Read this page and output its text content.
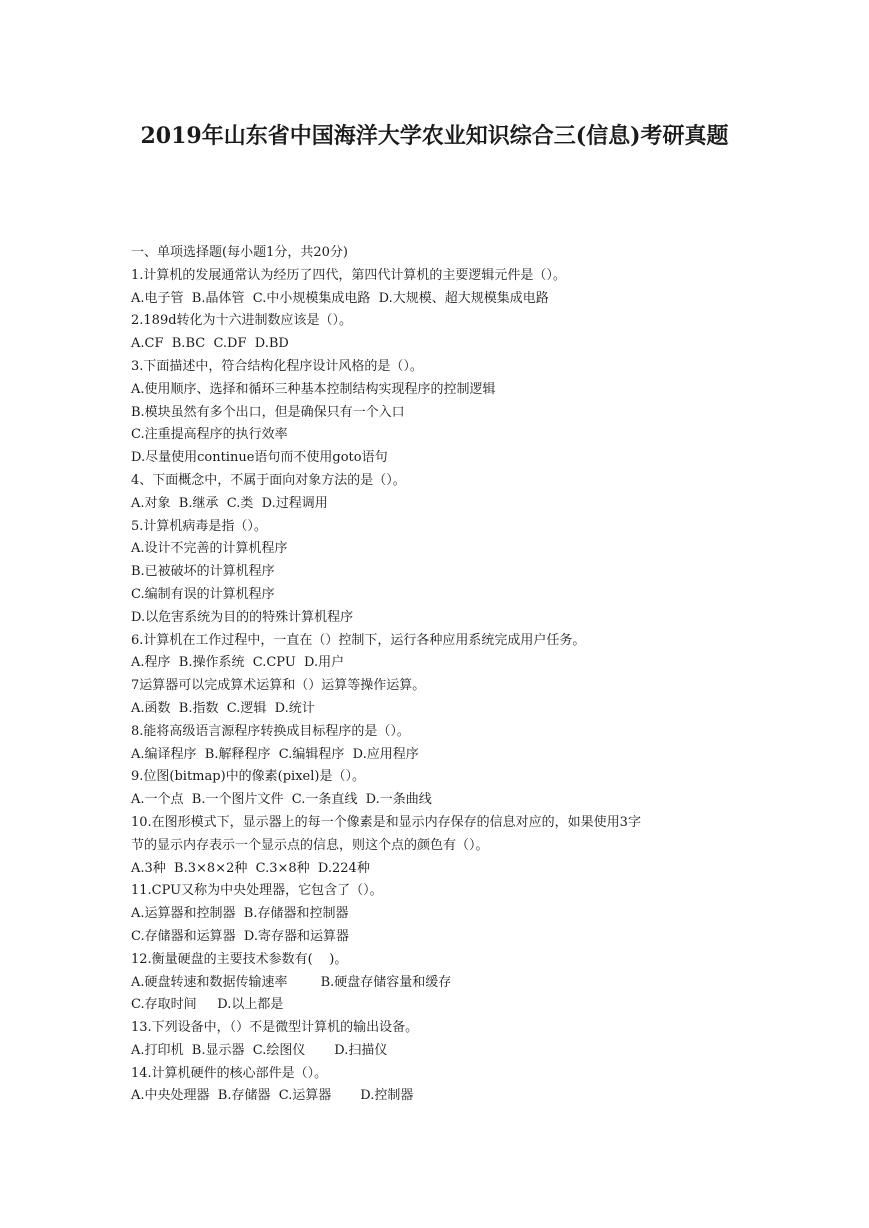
2019年山东省中国海洋大学农业知识综合三(信息)考研真题

一、单项选择题(每小题1分，共20分)

1.计算机的发展通常认为经历了四代，第四代计算机的主要逻辑元件是（）。

A.电子管  B.晶体管  C.中小规模集成电路  D.大规模、超大规模集成电路

2.189d转化为十六进制数应该是（）。

A.CF  B.BC  C.DF  D.BD

3.下面描述中，符合结构化程序设计风格的是（）。

A.使用顺序、选择和循环三种基本控制结构实现程序的控制逻辑

B.模块虽然有多个出口，但是确保只有一个入口

C.注重提高程序的执行效率

D.尽量使用continue语句而不使用goto语句

4、下面概念中，不属于面向对象方法的是（）。

A.对象  B.继承  C.类  D.过程调用

5.计算机病毒是指（）。

A.设计不完善的计算机程序

B.已被破坏的计算机程序

C.编制有误的计算机程序

D.以危害系统为目的的特殊计算机程序

6.计算机在工作过程中，一直在（）控制下，运行各种应用系统完成用户任务。

A.程序  B.操作系统  C.CPU  D.用户

7运算器可以完成算术运算和（）运算等操作运算。

A.函数  B.指数  C.逻辑  D.统计

8.能将高级语言源程序转换成目标程序的是（）。

A.编译程序  B.解释程序  C.编辑程序  D.应用程序

9.位图(bitmap)中的像素(pixel)是（）。

A.一个点  B.一个图片文件  C.一条直线  D.一条曲线

10.在图形模式下，显示器上的每一个像素是和显示内存保存的信息对应的，如果使用3字

节的显示内存表示一个显示点的信息，则这个点的颜色有（）。

A.3种  B.3×8×2种  C.3×8种  D.224种

11.CPU又称为中央处理器，它包含了（）。

A.运算器和控制器  B.存储器和控制器

C.存储器和运算器  D.寄存器和运算器

12.衡量硬盘的主要技术参数有(    )。

A.硬盘转速和数据传输速率        B.硬盘存储容量和缓存

C.存取时间     D.以上都是

13.下列设备中，（）不是微型计算机的输出设备。

A.打印机  B.显示器  C.绘图仪       D.扫描仪

14.计算机硬件的核心部件是（）。

A.中央处理器  B.存储器  C.运算器       D.控制器
